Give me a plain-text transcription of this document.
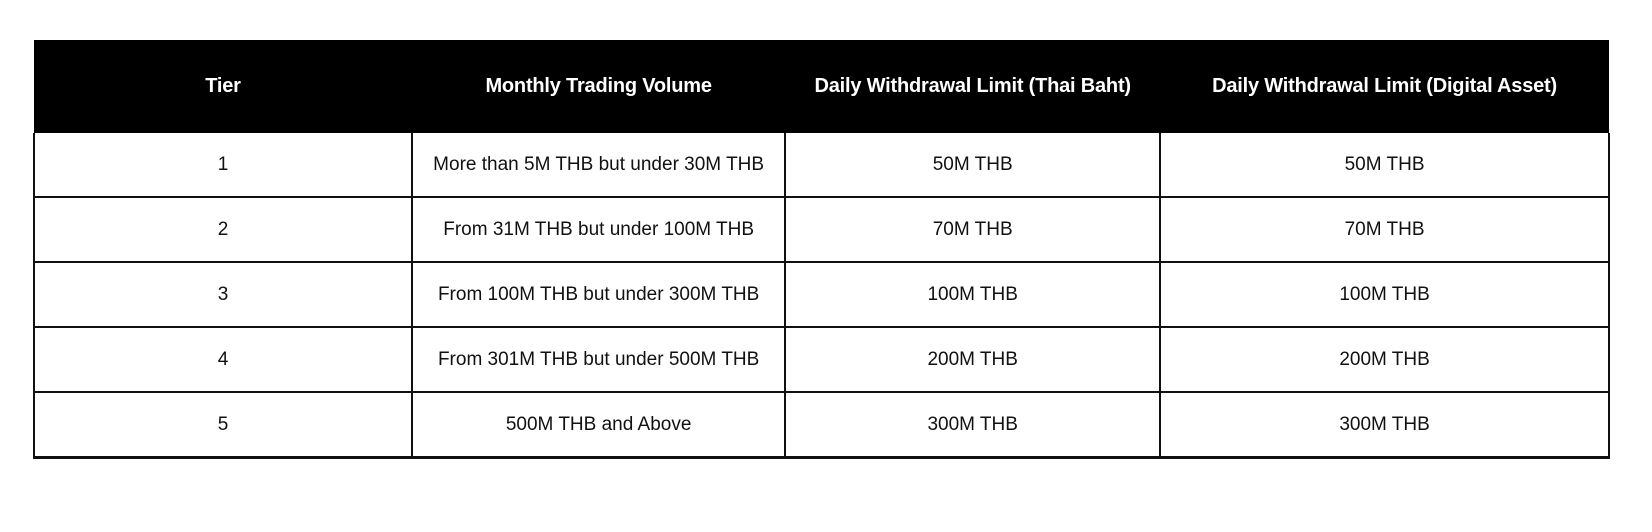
Tier	Monthly Trading Volume	Daily Withdrawal Limit (Thai Baht)	Daily Withdrawal Limit (Digital Asset)
1	More than 5M THB but under 30M THB	50M THB	50M THB
2	From 31M THB but under 100M THB	70M THB	70M THB
3	From 100M THB but under 300M THB	100M THB	100M THB
4	From 301M THB but under 500M THB	200M THB	200M THB
5	500M THB and Above	300M THB	300M THB
